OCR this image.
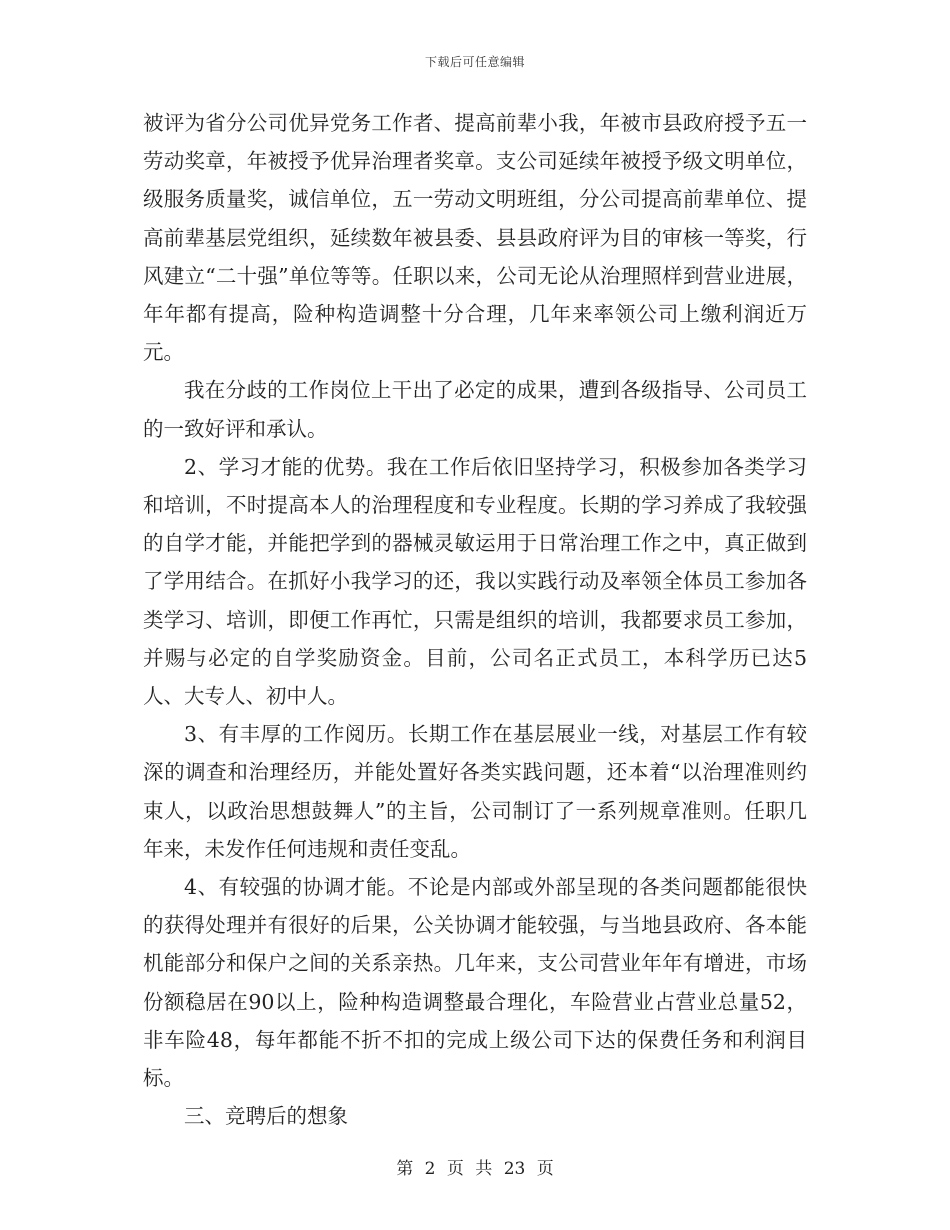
下载后可任意编辑

被评为省分公司优异党务工作者、提高前辈小我，年被市县政府授予五一劳动奖章，年被授予优异治理者奖章。支公司延续年被授予级文明单位，级服务质量奖，诚信单位，五一劳动文明班组，分公司提高前辈单位、提高前辈基层党组织，延续数年被县委、县县政府评为目的审核一等奖，行风建立“二十强”单位等等。任职以来，公司无论从治理照样到营业进展，年年都有提高，险种构造调整十分合理，几年来率领公司上缴利润近万元。

我在分歧的工作岗位上干出了必定的成果，遭到各级指导、公司员工的一致好评和承认。

2、学习才能的优势。我在工作后依旧坚持学习，积极参加各类学习和培训，不时提高本人的治理程度和专业程度。长期的学习养成了我较强的自学才能，并能把学到的器械灵敏运用于日常治理工作之中，真正做到了学用结合。在抓好小我学习的还，我以实践行动及率领全体员工参加各类学习、培训，即便工作再忙，只需是组织的培训，我都要求员工参加，并赐与必定的自学奖励资金。目前，公司名正式员工，本科学历已达5人、大专人、初中人。

3、有丰厚的工作阅历。长期工作在基层展业一线，对基层工作有较深的调查和治理经历，并能处置好各类实践问题，还本着“以治理准则约束人，以政治思想鼓舞人”的主旨，公司制订了一系列规章准则。任职几年来，未发作任何违规和责任变乱。

4、有较强的协调才能。不论是内部或外部呈现的各类问题都能很快的获得处理并有很好的后果，公关协调才能较强，与当地县政府、各本能机能部分和保户之间的关系亲热。几年来，支公司营业年年有增进，市场份额稳居在90以上，险种构造调整最合理化，车险营业占营业总量52，非车险48，每年都能不折不扣的完成上级公司下达的保费任务和利润目标。

三、竞聘后的想象

第 2 页 共 23 页
